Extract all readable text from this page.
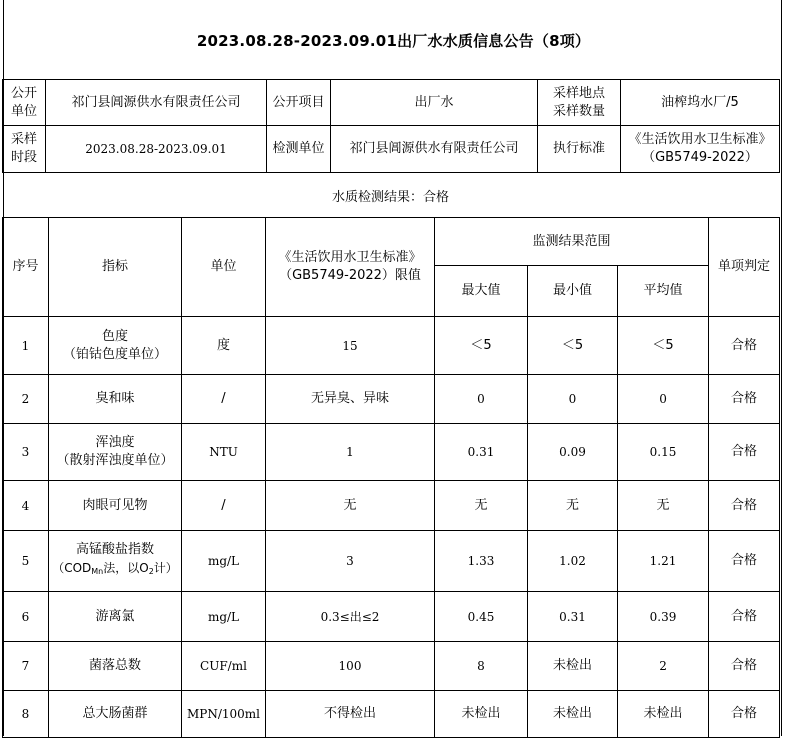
2023.08.28-2023.09.01出厂水水质信息公告（8项）
公开
单位	祁门县阊源供水有限责任公司	公开项目	出厂水	采样地点
采样数量	油榨坞水厂/5
采样
时段	2023.08.28-2023.09.01	检测单位	祁门县阊源供水有限责任公司	执行标准	《生活饮用水卫生标准》
（GB5749-2022）
水质检测结果：合格
序号	指标	单位	《生活饮用水卫生标准》
（GB5749-2022）限值	监测结果范围			单项判定
				最大值	最小值	平均值	
1	色度
（铂钴色度单位）	度	15	＜5	＜5	＜5	合格
2	臭和味	/	无异臭、异味	0	0	0	合格
3	浑浊度
（散射浑浊度单位）	NTU	1	0.31	0.09	0.15	合格
4	肉眼可见物	/	无	无	无	无	合格
5	高锰酸盐指数
（$COD_{Mn}$法，以$O_2$计）	mg/L	3	1.33	1.02	1.21	合格
6	游离氯	mg/L	0.3≤出≤2	0.45	0.31	0.39	合格
7	菌落总数	CUF/ml	100	8	未检出	2	合格
8	总大肠菌群	MPN/100ml	不得检出	未检出	未检出	未检出	合格
